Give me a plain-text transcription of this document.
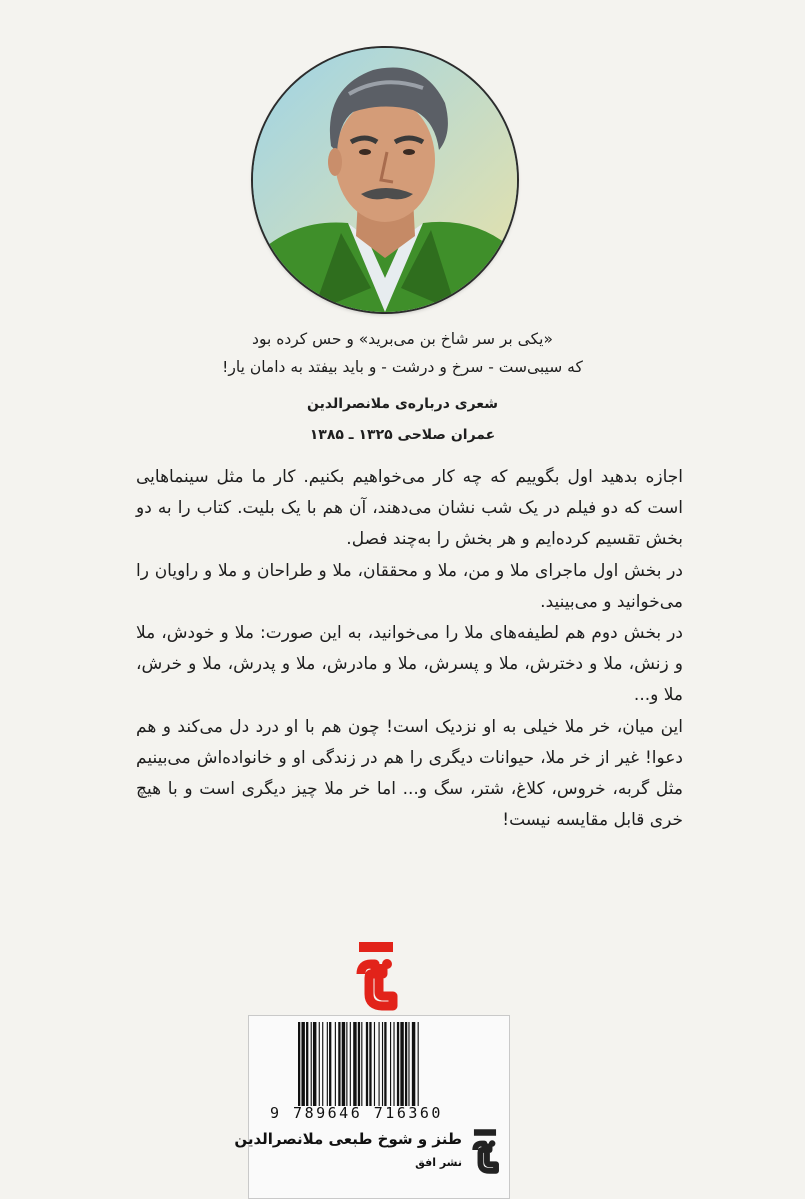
«یکی بر سر شاخ بن می‌برید» و حس کرده بود
که سیبی‌ست - سرخ و درشت - و باید بیفتد به دامان یار!
شعری درباره‌ی ملانصرالدین
عمران صلاحی ۱۳۲۵ ـ ۱۳۸۵

اجازه بدهید اول بگوییم که چه کار می‌خواهیم بکنیم. کار ما مثل سینماهایی است که دو فیلم در یک شب نشان می‌دهند، آن هم با یک بلیت. کتاب را به دو بخش تقسیم کرده‌ایم و هر بخش را به‌چند فصل.

در بخش اول ماجرای ملا و من، ملا و محققان، ملا و طراحان و ملا و راویان را می‌خوانید و می‌بینید.

در بخش دوم هم لطیفه‌های ملا را می‌خوانید، به این صورت: ملا و خودش، ملا و زنش، ملا و دخترش، ملا و پسرش، ملا و مادرش، ملا و پدرش، ملا و خرش، ملا و...

این میان، خر ملا خیلی به او نزدیک است! چون هم با او درد دل می‌کند و هم دعوا! غیر از خر ملا، حیوانات دیگری را هم در زندگی او و خانواده‌اش می‌بینیم مثل گربه، خروس، کلاغ، شتر، سگ و... اما خر ملا چیز دیگری است و با هیچ خری قابل مقایسه نیست!

9 789646 716360
طنز و شوخ طبعی ملانصرالدین
نشر افق
